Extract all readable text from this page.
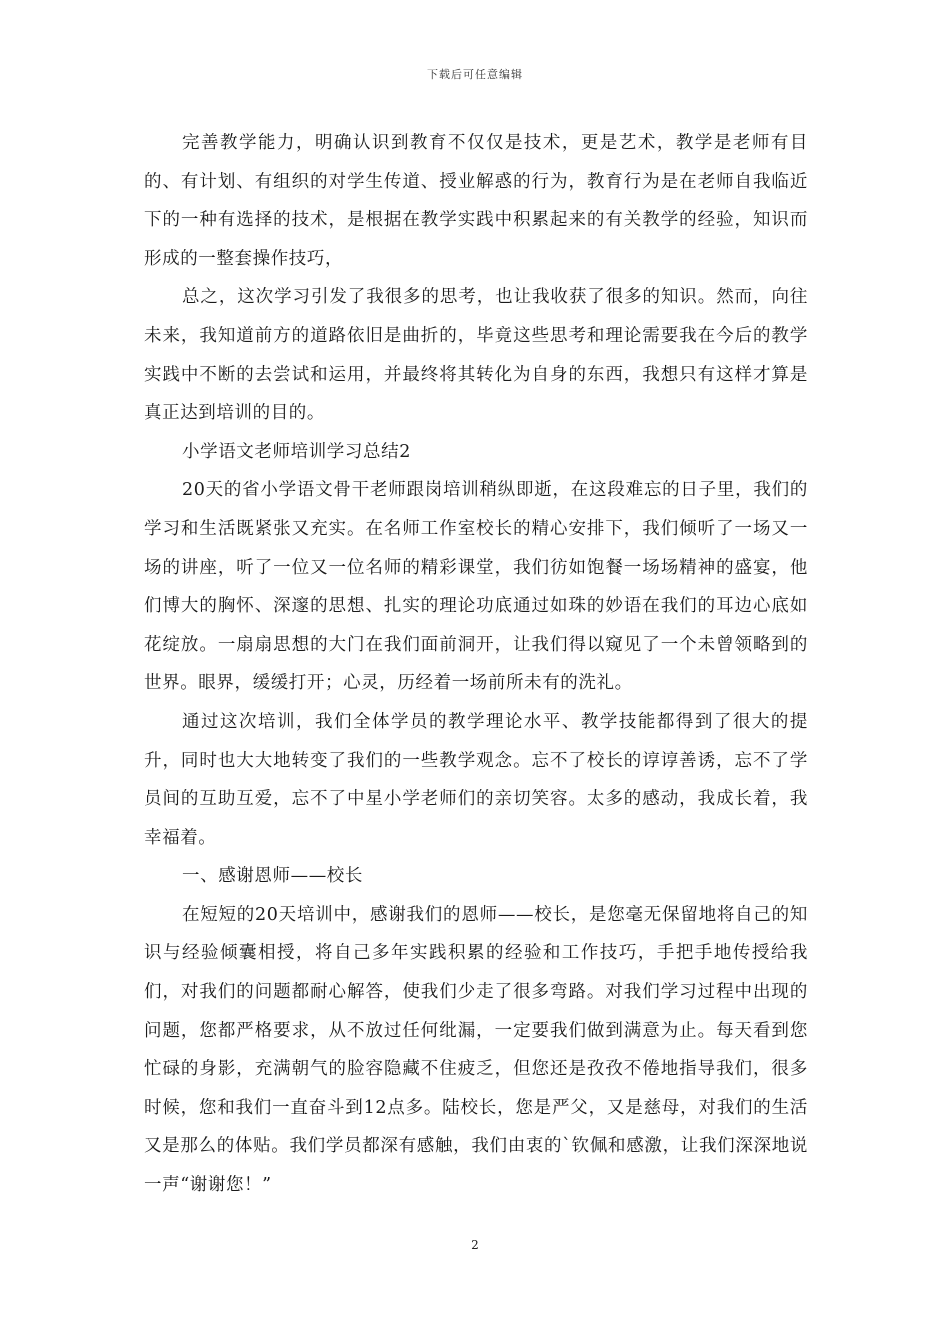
下载后可任意编辑

完善教学能力，明确认识到教育不仅仅是技术，更是艺术，教学是老师有目的、有计划、有组织的对学生传道、授业解惑的行为，教育行为是在老师自我临近下的一种有选择的技术，是根据在教学实践中积累起来的有关教学的经验，知识而形成的一整套操作技巧，

总之，这次学习引发了我很多的思考，也让我收获了很多的知识。然而，向往未来，我知道前方的道路依旧是曲折的，毕竟这些思考和理论需要我在今后的教学实践中不断的去尝试和运用，并最终将其转化为自身的东西，我想只有这样才算是真正达到培训的目的。

小学语文老师培训学习总结2

20天的省小学语文骨干老师跟岗培训稍纵即逝，在这段难忘的日子里，我们的学习和生活既紧张又充实。在名师工作室校长的精心安排下，我们倾听了一场又一场的讲座，听了一位又一位名师的精彩课堂，我们彷如饱餐一场场精神的盛宴，他们博大的胸怀、深邃的思想、扎实的理论功底通过如珠的妙语在我们的耳边心底如花绽放。一扇扇思想的大门在我们面前洞开，让我们得以窥见了一个未曾领略到的世界。眼界，缓缓打开；心灵，历经着一场前所未有的洗礼。

通过这次培训，我们全体学员的教学理论水平、教学技能都得到了很大的提升，同时也大大地转变了我们的一些教学观念。忘不了校长的谆谆善诱，忘不了学员间的互助互爱，忘不了中星小学老师们的亲切笑容。太多的感动，我成长着，我幸福着。

一、感谢恩师——校长

在短短的20天培训中，感谢我们的恩师——校长，是您毫无保留地将自己的知识与经验倾囊相授，将自己多年实践积累的经验和工作技巧，手把手地传授给我们，对我们的问题都耐心解答，使我们少走了很多弯路。对我们学习过程中出现的问题，您都严格要求，从不放过任何纰漏，一定要我们做到满意为止。每天看到您忙碌的身影，充满朝气的脸容隐藏不住疲乏，但您还是孜孜不倦地指导我们，很多时候，您和我们一直奋斗到12点多。陆校长，您是严父，又是慈母，对我们的生活又是那么的体贴。我们学员都深有感触，我们由衷的`钦佩和感激，让我们深深地说一声“谢谢您！”

2
